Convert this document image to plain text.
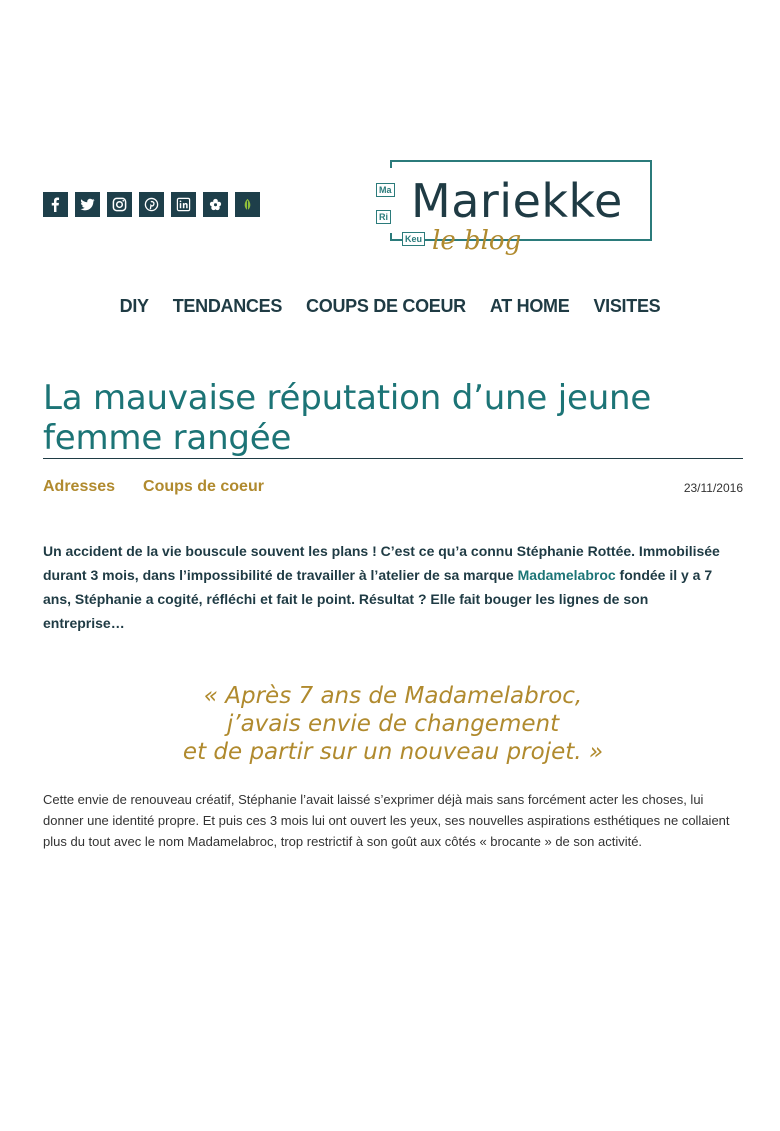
Ma
Ri
Keu
Mariekke
le blog
DIY TENDANCES COUPS DE COEUR AT HOME VISITES
La mauvaise réputation d’une jeune femme rangée
Adresses Coups de coeur	23/11/2016

Un accident de la vie bouscule souvent les plans ! C’est ce qu’a connu Stéphanie Rottée. Immobilisée durant 3 mois, dans l’impossibilité de travailler à l’atelier de sa marque Madamelabroc fondée il y a 7 ans, Stéphanie a cogité, réfléchi et fait le point. Résultat ? Elle fait bouger les lignes de son entreprise…

« Après 7 ans de Madamelabroc,
j’avais envie de changement
et de partir sur un nouveau projet. »

Cette envie de renouveau créatif, Stéphanie l’avait laissé s’exprimer déjà mais sans forcément acter les choses, lui donner une identité propre. Et puis ces 3 mois lui ont ouvert les yeux, ses nouvelles aspirations esthétiques ne collaient plus du tout avec le nom Madamelabroc, trop restrictif à son goût aux côtés « brocante » de son activité.
